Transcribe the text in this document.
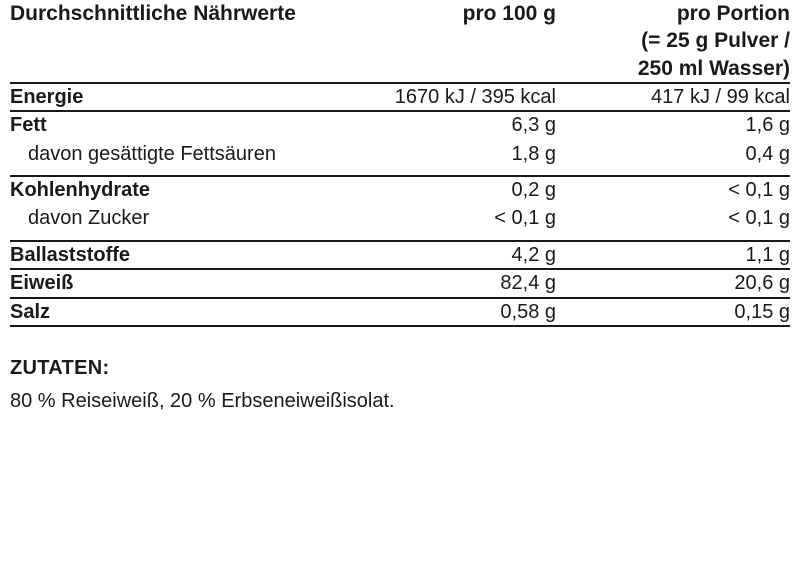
Durchschnittliche Nährwerte	pro 100 g	pro Portion
(= 25 g Pulver /
250 ml Wasser)
Energie	1670 kJ / 395 kcal	417 kJ / 99 kcal
Fett	6,3 g	1,6 g
davon gesättigte Fettsäuren	1,8 g	0,4 g
Kohlenhydrate	0,2 g	< 0,1 g
davon Zucker	< 0,1 g	< 0,1 g
Ballaststoffe	4,2 g	1,1 g
Eiweiß	82,4 g	20,6 g
Salz	0,58 g	0,15 g

ZUTATEN:

80 % Reiseiweiß, 20 % Erbseneiweißisolat.
